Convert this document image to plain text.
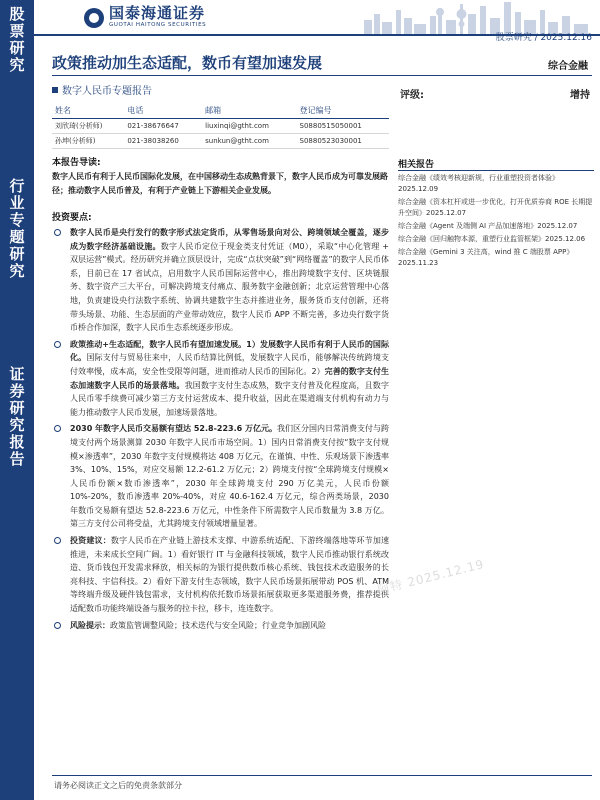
股
票
研
究
行
业
专
题
研
究
证
券
研
究
报
告
国泰海通证券
GUOTAI HAITONG SECURITIES
股票研究 / 2025.12.16
政策推动加生态适配，数币有望加速发展	综合金融
数字人民币专题报告	评级:	增持
姓名	电话	邮箱	登记编号
刘欣琦(分析师)	021-38676647	liuxinqi@gtht.com	S0880515050001
孙坤(分析师)	021-38038260	sunkun@gtht.com	S0880523030001
本报告导读:
数字人民币有利于人民币国际化发展，在中国移动生态成熟背景下，数字人民币成为可靠发展路径；推动数字人民币普及，有利于产业链上下游相关企业发展。
投资要点:
数字人民币是央行发行的数字形式法定货币，从零售场景向对公、跨境领域全覆盖，逐步成为数字经济基础设施。数字人民币定位于现金类支付凭证（M0），采取“中心化管理 + 双层运营”模式。经历研究并确立顶层设计，完成“点状突破”到“网络覆盖”的数字人民币体系，目前已在 17 省试点，启用数字人民币国际运营中心，推出跨境数字支付、区块链服务、数字资产三大平台，可解决跨境支付痛点、服务数字金融创新；北京运营管理中心落地，负责建设央行法数字系统、协调共建数字生态并推进业务，服务货币支付创新，还将带头场景、功能、生态层面的产业带动效应，数字人民币 APP 不断完善，多边央行数字货币桥合作加深，数字人民币生态系统逐步形成。
政策推动+生态适配，数字人民币有望加速发展。1）发展数字人民币有利于人民币的国际化。国际支付与贸易往来中，人民币结算比例低，发展数字人民币，能够解决传统跨境支付效率慢，成本高，安全性受限等问题，进而推动人民币的国际化。2）完善的数字支付生态加速数字人民币的场景落地。我国数字支付生态成熟，数字支付普及化程度高，且数字人民币零手续费可减少第三方支付运营成本、提升收益，因此在渠道端支付机构有动力与能力推动数字人民币发展，加速场景落地。
2030 年数字人民币交易额有望达 52.8-223.6 万亿元。我们区分国内日常消费支付与跨境支付两个场景测算 2030 年数字人民币市场空间。1）国内日常消费支付按“数字支付规模×渗透率”，2030 年数字支付规模将达 408 万亿元，在谨慎、中性、乐观场景下渗透率 3%、10%、15%，对应交易额 12.2-61.2 万亿元；2）跨境支付按“全球跨境支付规模×人民币份额×数币渗透率”，2030 年全球跨境支付 290 万亿美元，人民币份额 10%-20%，数币渗透率 20%-40%，对应 40.6-162.4 万亿元，综合两类场景，2030 年数币交易额有望达 52.8-223.6 万亿元，中性条件下所需数字人民币数量为 3.8 万亿。第三方支付公司将受益，尤其跨境支付领域增量显著。
投资建议：数字人民币在产业链上游技术支撑、中游系统适配、下游终端落地等环节加速推进，未来成长空间广阔。1）看好银行 IT 与金融科技领域，数字人民币推动银行系统改造、货币钱包开发需求释放，相关标的为银行提供数币核心系统、钱包技术改造服务的长亮科技、宇信科技。2）看好下游支付生态领域，数字人民币场景拓展带动 POS 机、ATM 等终端升级及硬件钱包需求，支付机构依托数币场景拓展获取更多渠道服务费，推荐提供适配数币功能终端设备与服务的拉卡拉，移卡，连连数字。
风险提示：政策监管调整风险；技术迭代与安全风险；行业竞争加剧风险
相关报告
综合金融《绩效考核迎新规，行业重塑投资者体验》2025.12.09
综合金融《资本杠杆或进一步优化，打开优质券商 ROE 长期提升空间》2025.12.07
综合金融《Agent 及端侧 AI 产品加速落地》2025.12.07
综合金融《回归触物本源，重塑行业监管框架》2025.12.06
综合金融《Gemini 3 关注高，wind 推 C 端股票 APP》2025.11.23
阿特 2025.12.19
请务必阅读正文之后的免责条款部分
